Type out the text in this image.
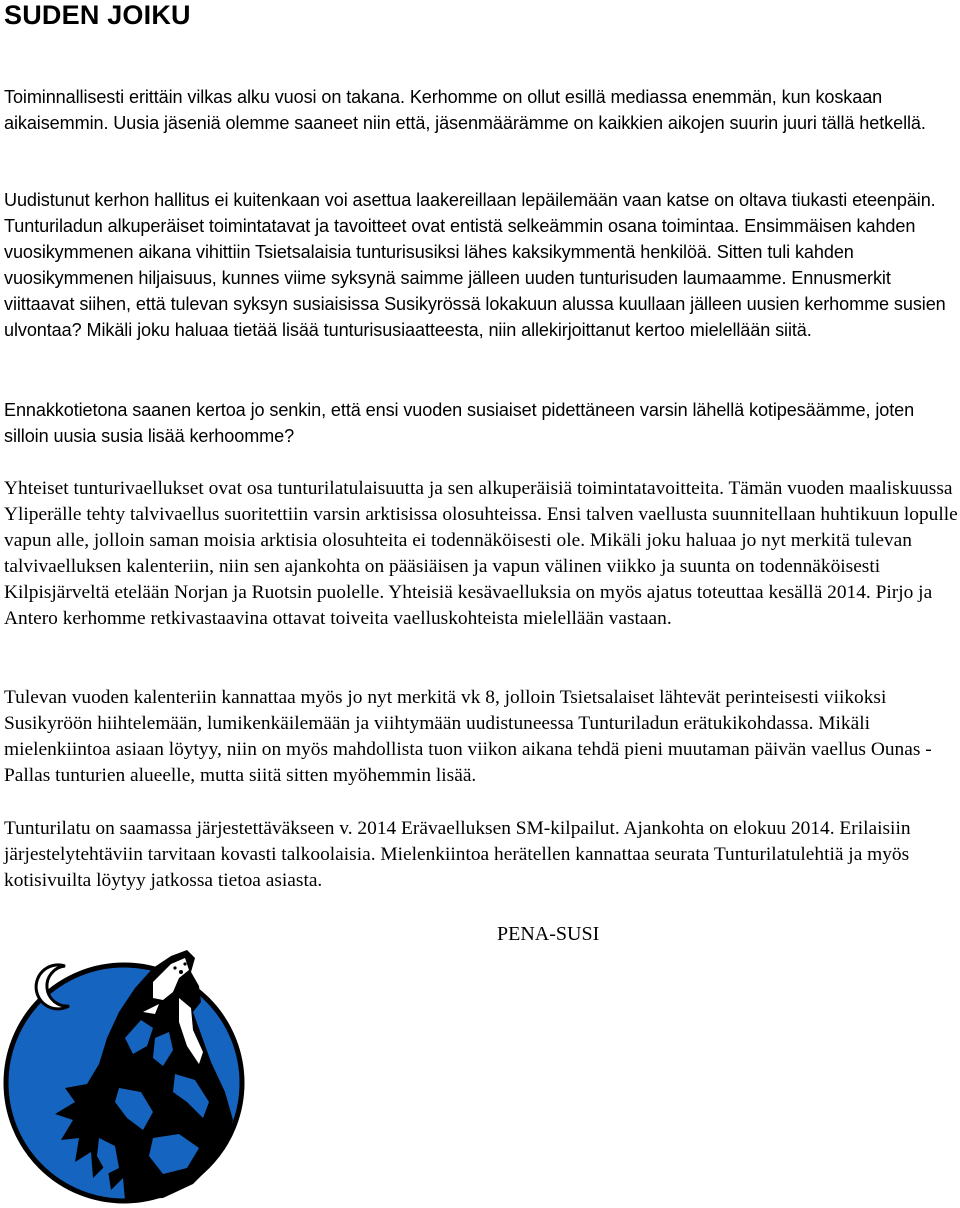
SUDEN JOIKU

Toiminnallisesti erittäin vilkas alku vuosi on takana. Kerhomme on ollut esillä mediassa enemmän, kun koskaan aikaisemmin. Uusia jäseniä olemme saaneet niin että, jäsenmäärämme on kaikkien aikojen suurin juuri tällä hetkellä.

Uudistunut kerhon hallitus ei kuitenkaan voi asettua laakereillaan lepäilemään vaan katse on oltava tiukasti eteenpäin. Tunturiladun alkuperäiset toimintatavat ja tavoitteet ovat entistä selkeämmin osana toimintaa. Ensimmäisen kahden vuosikymmenen aikana vihittiin Tsietsalaisia tunturisusiksi lähes kaksikymmentä henkilöä. Sitten tuli kahden vuosikymmenen hiljaisuus, kunnes viime syksynä saimme jälleen uuden tunturisuden laumaamme. Ennusmerkit viittaavat siihen, että tulevan syksyn susiaisissa Susikyrössä lokakuun alussa kuullaan jälleen uusien kerhomme susien ulvontaa? Mikäli joku haluaa tietää lisää tunturisusiaatteesta, niin allekirjoittanut kertoo mielellään siitä.

Ennakkotietona saanen kertoa jo senkin, että ensi vuoden susiaiset pidettäneen varsin lähellä kotipesäämme, joten silloin uusia susia lisää kerhoomme?

Yhteiset tunturivaellukset ovat osa tunturilatulaisuutta ja sen alkuperäisiä toimintatavoitteita. Tämän vuoden maaliskuussa Yliperälle tehty talvivaellus suoritettiin varsin arktisissa olosuhteissa. Ensi talven vaellusta suunnitellaan huhtikuun lopulle vapun alle, jolloin saman moisia arktisia olosuhteita ei todennäköisesti ole. Mikäli joku haluaa jo nyt merkitä tulevan talvivaelluksen kalenteriin, niin sen ajankohta on pääsiäisen ja vapun välinen viikko ja suunta on todennäköisesti Kilpisjärveltä etelään Norjan ja Ruotsin puolelle. Yhteisiä kesävaelluksia on myös ajatus toteuttaa kesällä 2014. Pirjo ja Antero kerhomme retkivastaavina ottavat toiveita vaelluskohteista mielellään vastaan.

Tulevan vuoden kalenteriin kannattaa myös jo nyt merkitä vk 8, jolloin Tsietsalaiset lähtevät perinteisesti viikoksi Susikyröön hiihtelemään, lumikenkäilemään ja viihtymään uudistuneessa Tunturiladun erätukikohdassa. Mikäli mielenkiintoa asiaan löytyy, niin on myös mahdollista tuon viikon aikana tehdä pieni muutaman päivän vaellus Ounas - Pallas tunturien alueelle, mutta siitä sitten myöhemmin lisää.

Tunturilatu on saamassa järjestettäväkseen v. 2014 Erävaelluksen SM-kilpailut. Ajankohta on elokuu 2014. Erilaisiin järjestelytehtäviin tarvitaan kovasti talkoolaisia. Mielenkiintoa herätellen kannattaa seurata Tunturilatulehtiä ja myös kotisivuilta löytyy jatkossa tietoa asiasta.

PENA-SUSI
